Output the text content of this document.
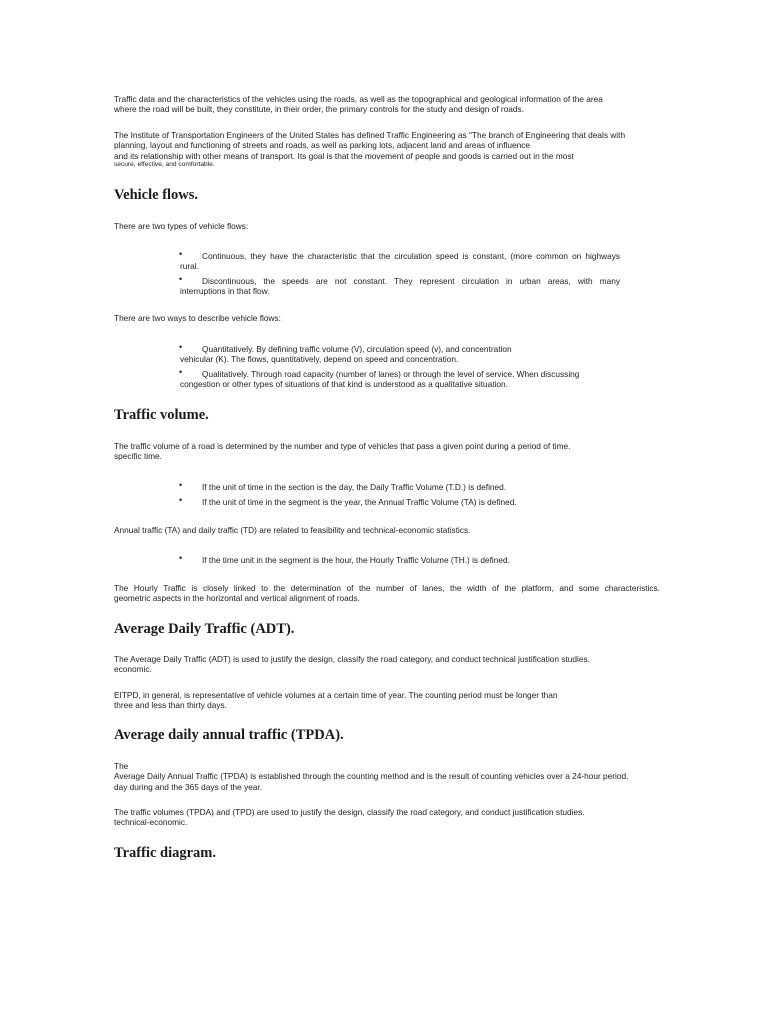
Traffic data and the characteristics of the vehicles using the roads, as well as the topographical and geological information of the area
where the road will be built, they constitute, in their order, the primary controls for the study and design of roads.
The Institute of Transportation Engineers of the United States has defined Traffic Engineering as "The branch of Engineering that deals with
planning, layout and functioning of streets and roads, as well as parking lots, adjacent land and areas of influence
and its relationship with other means of transport. Its goal is that the movement of people and goods is carried out in the most
secure, effective, and comfortable.
Vehicle flows.
There are two types of vehicle flows:
•	Continuous, they have the characteristic that the circulation speed is constant, (more common on highways
rural.
•	Discontinuous, the speeds are not constant. They represent circulation in urban areas, with many
interruptions in that flow.
There are two ways to describe vehicle flows:
•	Quantitatively. By defining traffic volume (V), circulation speed (v), and concentration
vehicular (K). The flows, quantitatively, depend on speed and concentration.
•	Qualitatively. Through road capacity (number of lanes) or through the level of service. When discussing
congestion or other types of situations of that kind is understood as a qualitative situation.
Traffic volume.
The traffic volume of a road is determined by the number and type of vehicles that pass a given point during a period of time.
specific time.
•	If the unit of time in the section is the day, the Daily Traffic Volume (T.D.) is defined.
•	If the unit of time in the segment is the year, the Annual Traffic Volume (TA) is defined.
Annual traffic (TA) and daily traffic (TD) are related to feasibility and technical-economic statistics.
•	If the time unit in the segment is the hour, the Hourly Traffic Volume (TH.) is defined.
The Hourly Traffic is closely linked to the determination of the number of lanes, the width of the platform, and some characteristics.
geometric aspects in the horizontal and vertical alignment of roads.
Average Daily Traffic (ADT).
The Average Daily Traffic (ADT) is used to justify the design, classify the road category, and conduct technical justification studies.
economic.
EITPD, in general, is representative of vehicle volumes at a certain time of year. The counting period must be longer than
three and less than thirty days.
Average daily annual traffic (TPDA).
The
Average Daily Annual Traffic (TPDA) is established through the counting method and is the result of counting vehicles over a 24-hour period.
day during and the 365 days of the year.
The traffic volumes (TPDA) and (TPD) are used to justify the design, classify the road category, and conduct justification studies.
technical-economic.
Traffic diagram.
